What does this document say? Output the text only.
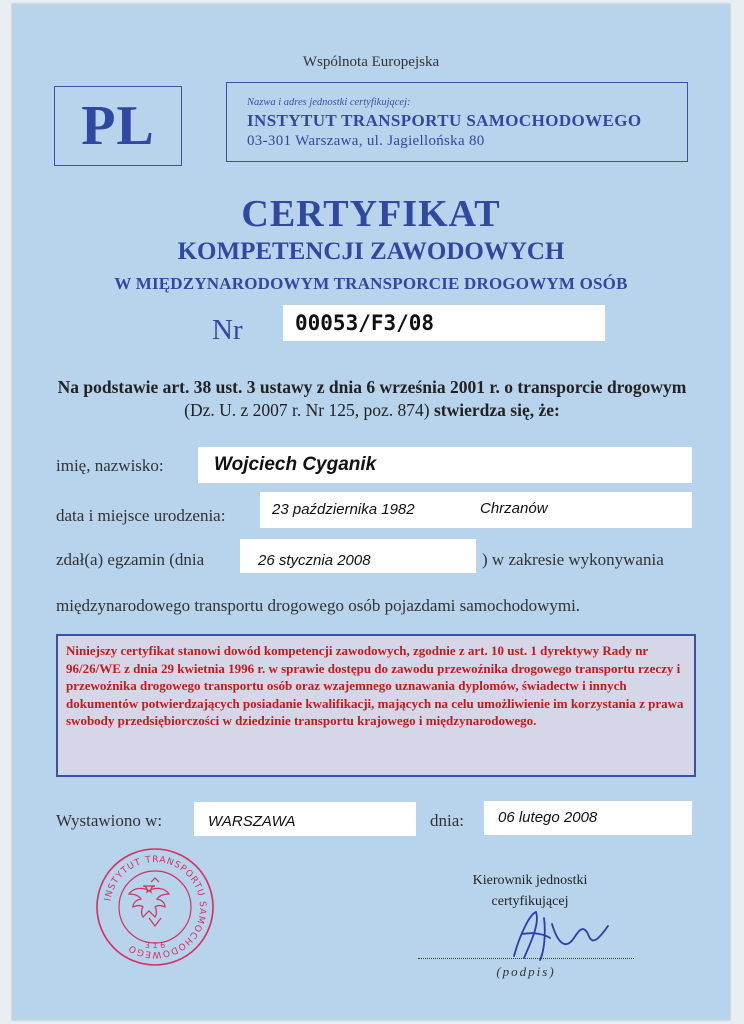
Wspólnota Europejska
PL	Nazwa i adres jednostki certyfikującej:
INSTYTUT TRANSPORTU SAMOCHODOWEGO
03-301 Warszawa, ul. Jagiellońska 80
CERTYFIKAT
KOMPETENCJI ZAWODOWYCH
W MIĘDZYNARODOWYM TRANSPORCIE DROGOWYM OSÓB
Nr 00053/F3/08
Na podstawie art. 38 ust. 3 ustawy z dnia 6 września 2001 r. o transporcie drogowym (Dz. U. z 2007 r. Nr 125, poz. 874) stwierdza się, że:
imię, nazwisko:	Wojciech Cyganik
data i miejsce urodzenia:	23 października 1982	Chrzanów
zdał(a) egzamin (dnia	26 stycznia 2008	) w zakresie wykonywania
międzynarodowego transportu drogowego osób pojazdami samochodowymi.
Niniejszy certyfikat stanowi dowód kompetencji zawodowych, zgodnie z art. 10 ust. 1 dyrektywy Rady nr 96/26/WE z dnia 29 kwietnia 1996 r. w sprawie dostępu do zawodu przewoźnika drogowego transportu rzeczy i przewoźnika drogowego transportu osób oraz wzajemnego uznawania dyplomów, świadectw i innych dokumentów potwierdzających posiadanie kwalifikacji, mających na celu umożliwienie im korzystania z prawa swobody przedsiębiorczości w dziedzinie transportu krajowego i międzynarodowego.
Wystawiono w:	WARSZAWA	dnia: 06 lutego 2008
INSTYTUT TRANSPORTU SAMOCHODOWEGO 3 1 6
Kierownik jednostki
certyfikującej
(podpis)
